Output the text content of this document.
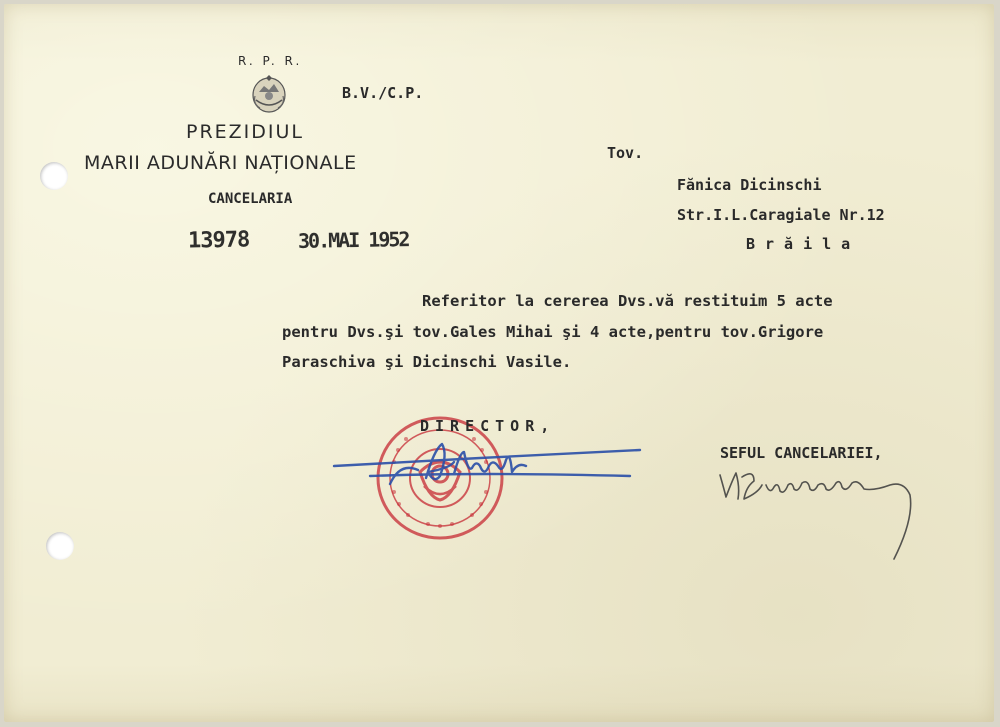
R. P. R.
B.V./C.P.
PREZIDIUL
MARII ADUNĂRI NAȚIONALE
CANCELARIA
13978 30.MAI 1952
Tov.
Fănica Dicinschi
Str.I.L.Caragiale Nr.12
Brăila
Referitor la cererea Dvs.vă restituim 5 acte
pentru Dvs.şi tov.Gales Mihai şi 4 acte,pentru tov.Grigore
Paraschiva şi Dicinschi Vasile.
DIRECTOR,
SEFUL CANCELARIEI,
